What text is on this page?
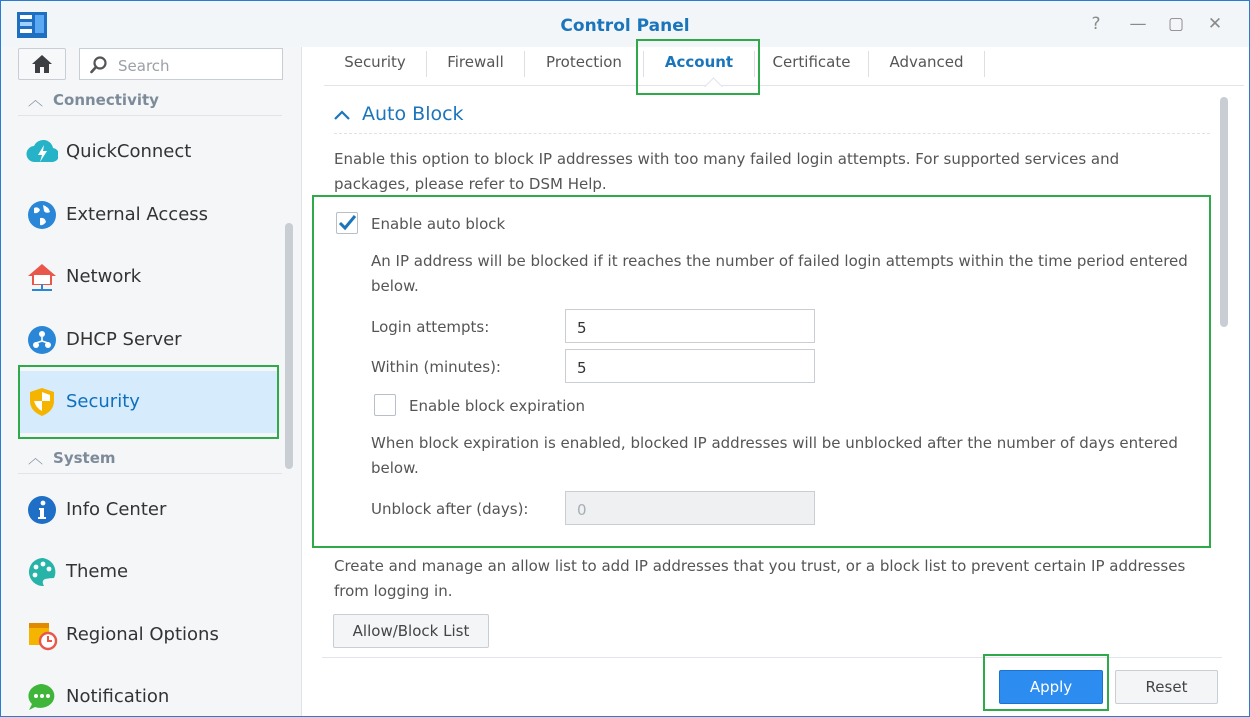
Control Panel	?	— ▢ ✕
Search
︿ Connectivity
QuickConnect
External Access
Network
DHCP Server
Security
︿ System
Info Center
Theme
Regional Options
Notification
Security	Firewall	Protection	Account	Certificate	Advanced
Auto Block
Enable this option to block IP addresses with too many failed login attempts. For supported services and packages, please refer to DSM Help.
Enable auto block
An IP address will be blocked if it reaches the number of failed login attempts within the time period entered below.
Login attempts:	5
Within (minutes):	5
Enable block expiration
When block expiration is enabled, blocked IP addresses will be unblocked after the number of days entered below.
Unblock after (days):	0
Create and manage an allow list to add IP addresses that you trust, or a block list to prevent certain IP addresses from logging in.
Allow/Block List
Apply	Reset
